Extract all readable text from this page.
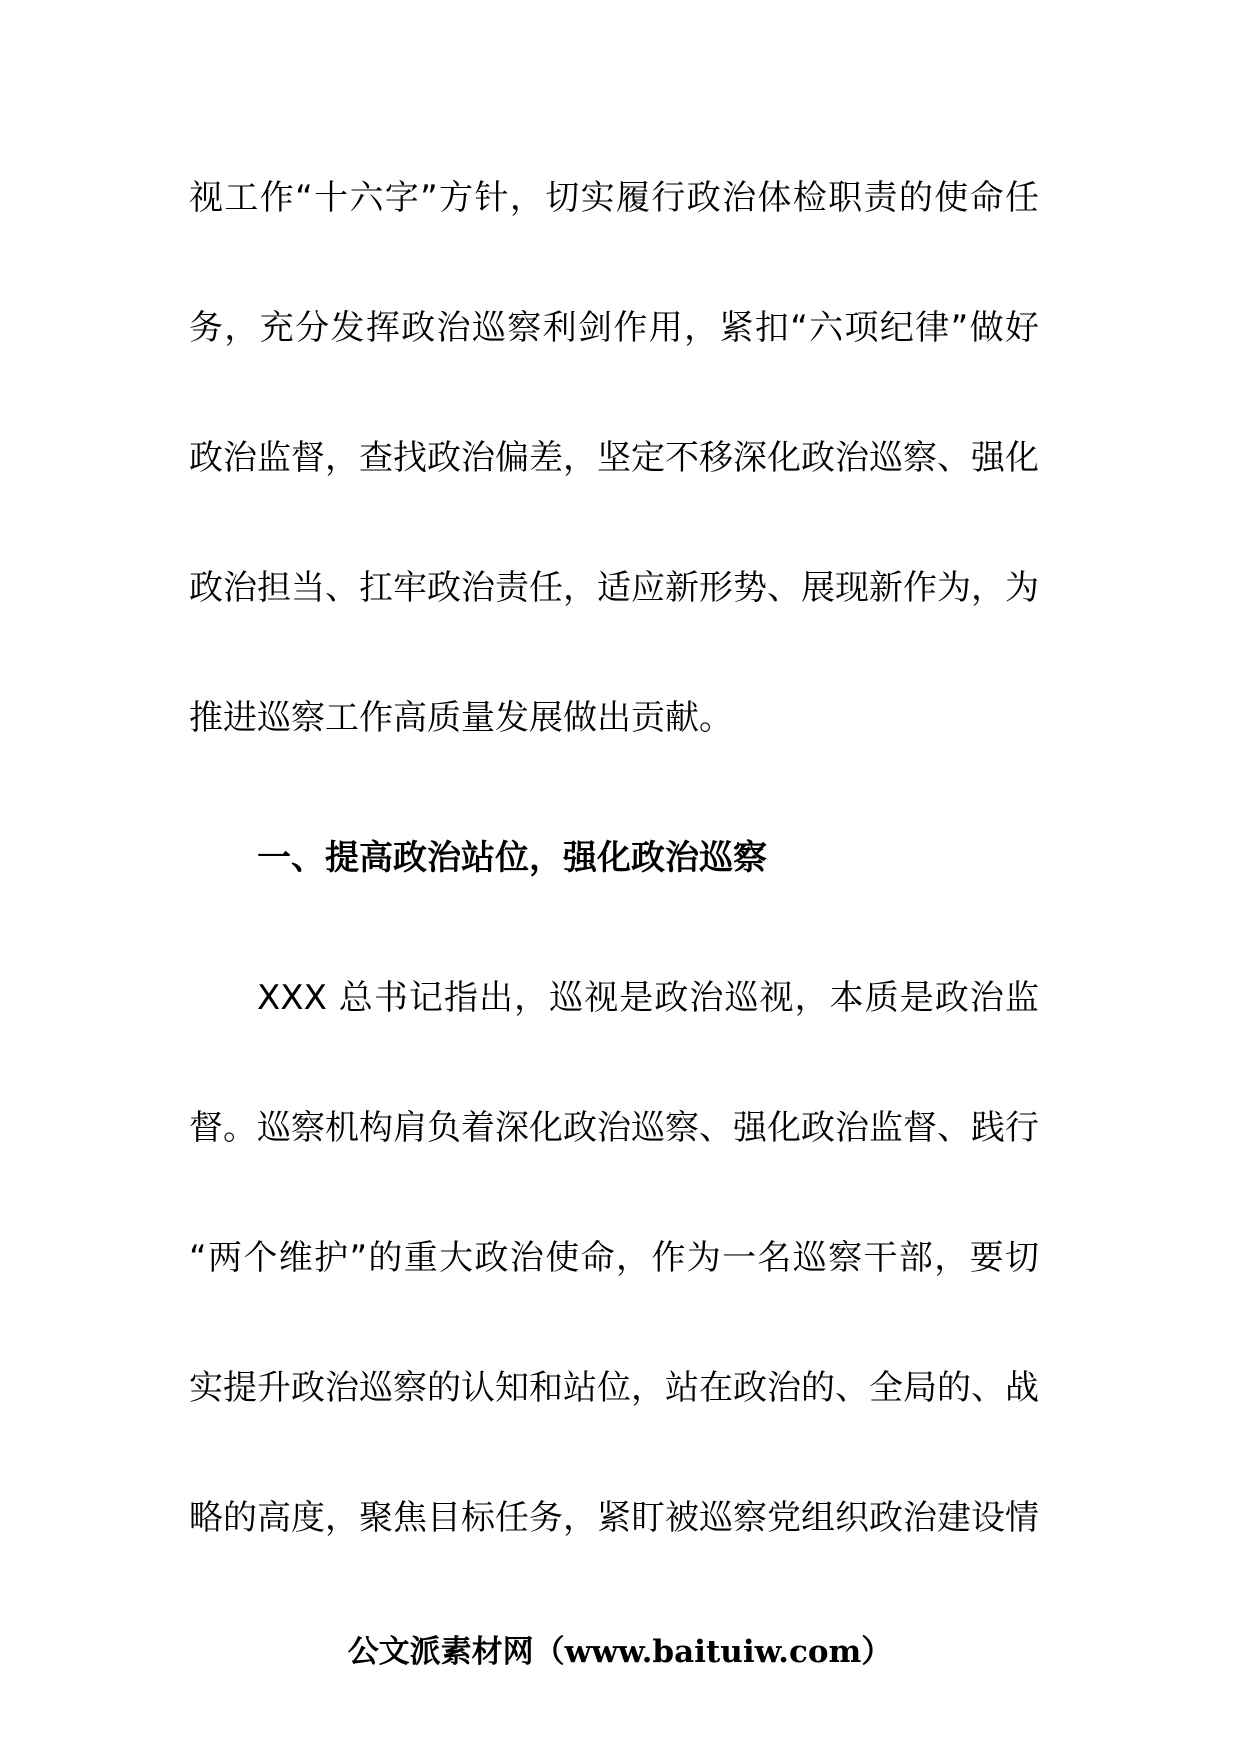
视工作“十六字”方针，切实履行政治体检职责的使命任
务，充分发挥政治巡察利剑作用，紧扣“六项纪律”做好
政治监督，查找政治偏差，坚定不移深化政治巡察、强化
政治担当、扛牢政治责任，适应新形势、展现新作为，为
推进巡察工作高质量发展做出贡献。
一、提高政治站位，强化政治巡察
XXX 总书记指出，巡视是政治巡视，本质是政治监
督。巡察机构肩负着深化政治巡察、强化政治监督、践行
“两个维护”的重大政治使命，作为一名巡察干部，要切
实提升政治巡察的认知和站位，站在政治的、全局的、战
略的高度，聚焦目标任务，紧盯被巡察党组织政治建设情
公文派素材网（www.baituiw.com）
